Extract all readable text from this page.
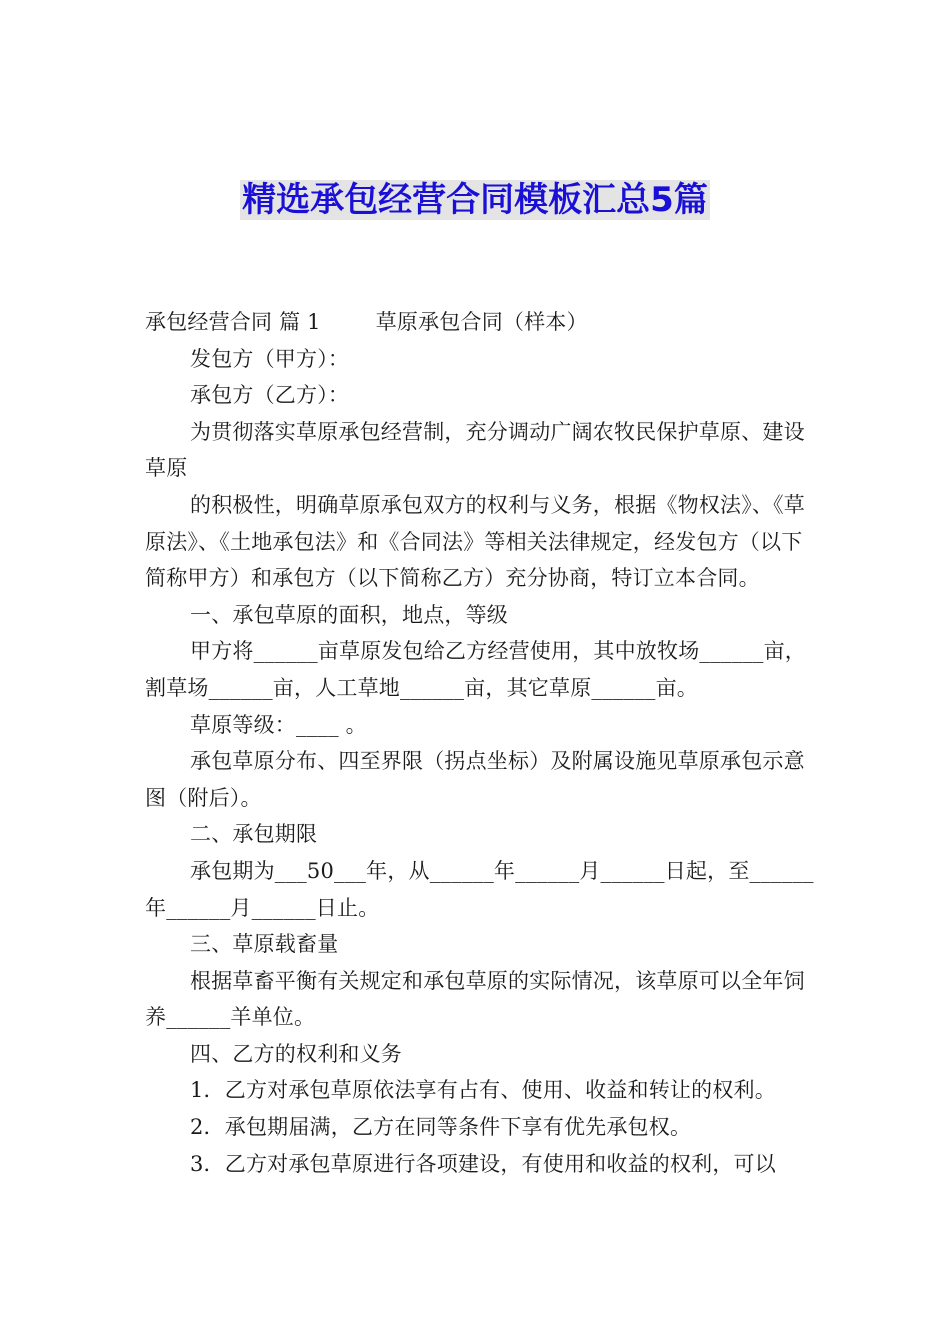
精选承包经营合同模板汇总5篇

承包经营合同 篇 1        草原承包合同（样本）

发包方（甲方）：

承包方（乙方）：

为贯彻落实草原承包经营制，充分调动广阔农牧民保护草原、建设草原

的积极性，明确草原承包双方的权利与义务，根据《物权法》、《草原法》、《土地承包法》和《合同法》等相关法律规定，经发包方（以下简称甲方）和承包方（以下简称乙方）充分协商，特订立本合同。

一、承包草原的面积，地点，等级

甲方将______亩草原发包给乙方经营使用，其中放牧场______亩，割草场______亩，人工草地______亩，其它草原______亩。

草原等级：____ 。

承包草原分布、四至界限（拐点坐标）及附属设施见草原承包示意图（附后）。

二、承包期限

承包期为___50___年，从______年______月______日起，至______年______月______日止。

三、草原载畜量

根据草畜平衡有关规定和承包草原的实际情况，该草原可以全年饲养______羊单位。

四、乙方的权利和义务

1．乙方对承包草原依法享有占有、使用、收益和转让的权利。

2．承包期届满，乙方在同等条件下享有优先承包权。

3．乙方对承包草原进行各项建设，有使用和收益的权利，可以
